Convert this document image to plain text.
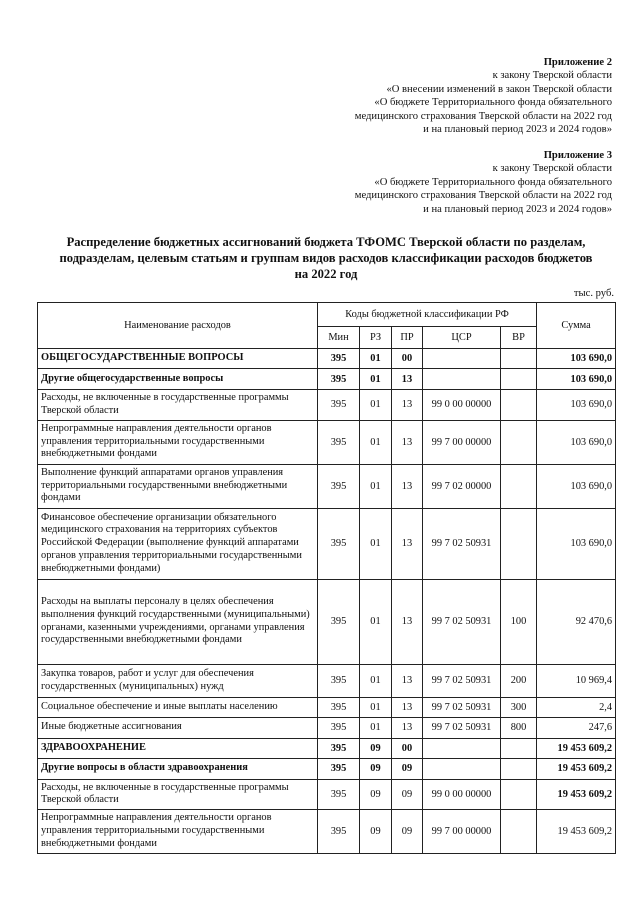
Приложение 2
к закону Тверской области
«О внесении изменений в закон Тверской области
«О бюджете Территориального фонда обязательного
медицинского страхования Тверской области на 2022 год
и на плановый период 2023 и 2024 годов»
Приложение 3
к закону Тверской области
«О бюджете Территориального фонда обязательного
медицинского страхования Тверской области на 2022 год
и на плановый период 2023 и 2024 годов»
Распределение бюджетных ассигнований бюджета ТФОМС Тверской области по разделам,
подразделам, целевым статьям и группам видов расходов классификации расходов бюджетов
на 2022 год
тыс. руб.
Наименование расходов	Коды бюджетной классификации РФ					Сумма
	Мин	РЗ	ПР	ЦСР	ВР	
ОБЩЕГОСУДАРСТВЕННЫЕ ВОПРОСЫ	395	01	00			103 690,0
Другие общегосударственные вопросы	395	01	13			103 690,0
Расходы, не включенные в государственные программы Тверской области	395	01	13	99 0 00 00000		103 690,0
Непрограммные направления деятельности органов управления территориальными государственными внебюджетными фондами	395	01	13	99 7 00 00000		103 690,0
Выполнение функций аппаратами органов управления территориальными государственными внебюджетными фондами	395	01	13	99 7 02 00000		103 690,0
Финансовое обеспечение организации обязательного медицинского страхования на территориях субъектов Российской Федерации (выполнение функций аппаратами органов управления территориальными государственными внебюджетными фондами)	395	01	13	99 7 02 50931		103 690,0
Расходы на выплаты персоналу в целях обеспечения выполнения функций государственными (муниципальными) органами, казенными учреждениями, органами управления государственными внебюджетными фондами	395	01	13	99 7 02 50931	100	92 470,6
Закупка товаров, работ и услуг для обеспечения государственных (муниципальных) нужд	395	01	13	99 7 02 50931	200	10 969,4
Социальное обеспечение и иные выплаты населению	395	01	13	99 7 02 50931	300	2,4
Иные бюджетные ассигнования	395	01	13	99 7 02 50931	800	247,6
ЗДРАВООХРАНЕНИЕ	395	09	00			19 453 609,2
Другие вопросы в области здравоохранения	395	09	09			19 453 609,2
Расходы, не включенные в государственные программы Тверской области	395	09	09	99 0 00 00000		19 453 609,2
Непрограммные направления деятельности органов управления территориальными государственными внебюджетными фондами	395	09	09	99 7 00 00000		19 453 609,2
